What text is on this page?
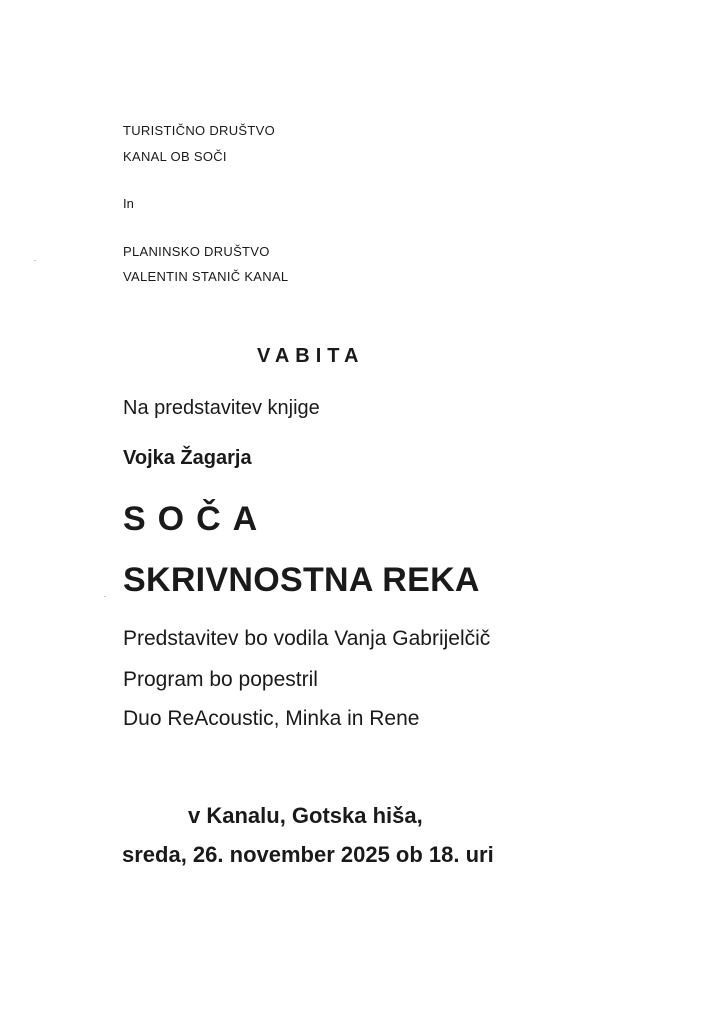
TURISTIČNO DRUŠTVO

KANAL OB SOČI

In

PLANINSKO DRUŠTVO

VALENTIN STANIČ KANAL

VABITA

Na predstavitev knjige

Vojka Žagarja

SOČA

SKRIVNOSTNA REKA

Predstavitev bo vodila Vanja Gabrijelčič

Program bo popestril

Duo ReAcoustic, Minka in Rene

v Kanalu, Gotska hiša,

sreda, 26. november 2025 ob 18. uri
